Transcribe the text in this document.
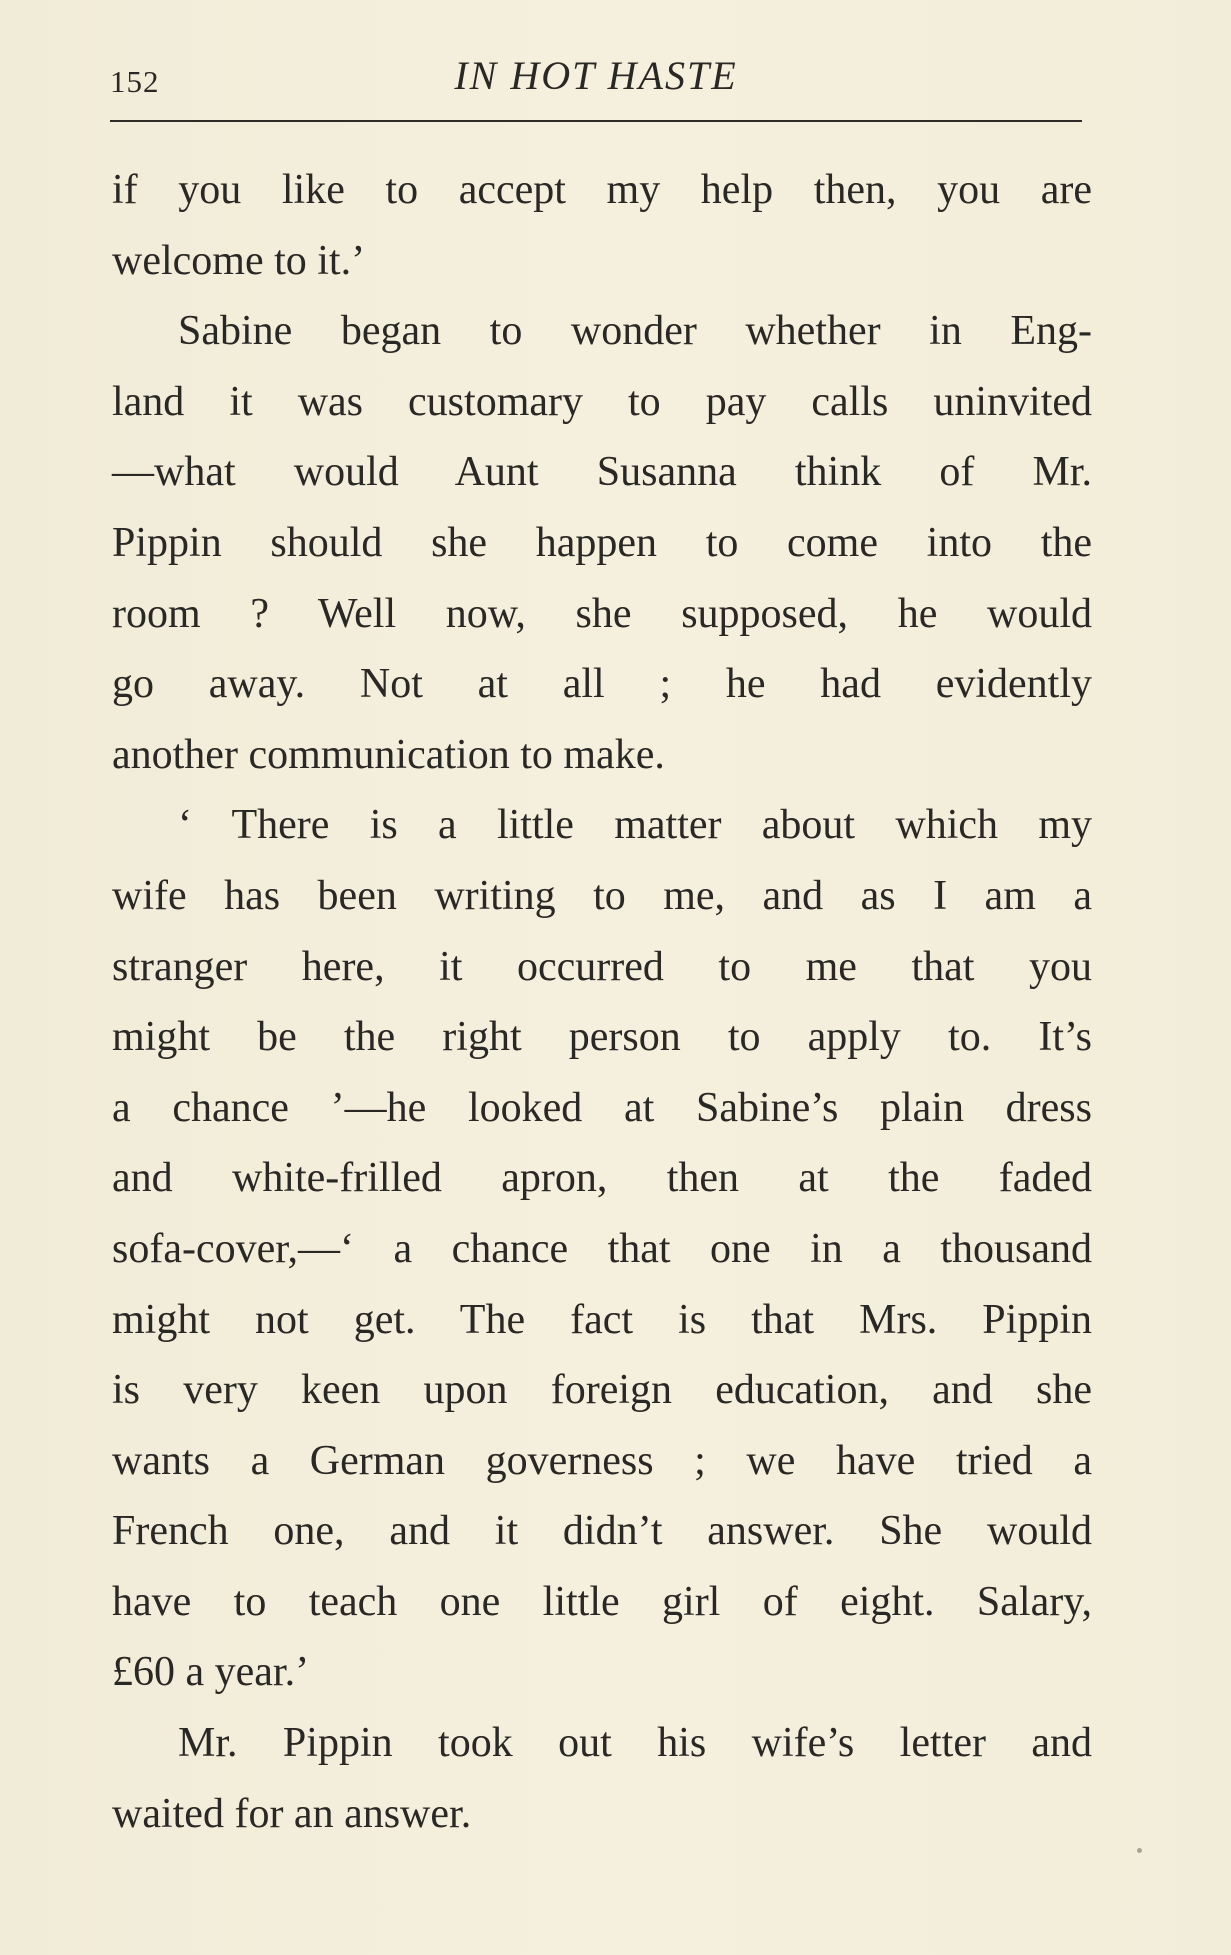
152	IN HOT HASTE
if you like to accept my help then, you are
welcome to it.’
Sabine began to wonder whether in Eng-
land it was customary to pay calls uninvited
—what would Aunt Susanna think of Mr.
Pippin should she happen to come into the
room ? Well now, she supposed, he would
go away. Not at all ; he had evidently
another communication to make.
‘ There is a little matter about which my
wife has been writing to me, and as I am a
stranger here, it occurred to me that you
might be the right person to apply to. It’s
a chance ’—he looked at Sabine’s plain dress
and white-frilled apron, then at the faded
sofa-cover,—‘ a chance that one in a thousand
might not get. The fact is that Mrs. Pippin
is very keen upon foreign education, and she
wants a German governess ; we have tried a
French one, and it didn’t answer. She would
have to teach one little girl of eight. Salary,
£60 a year.’
Mr. Pippin took out his wife’s letter and
waited for an answer.
